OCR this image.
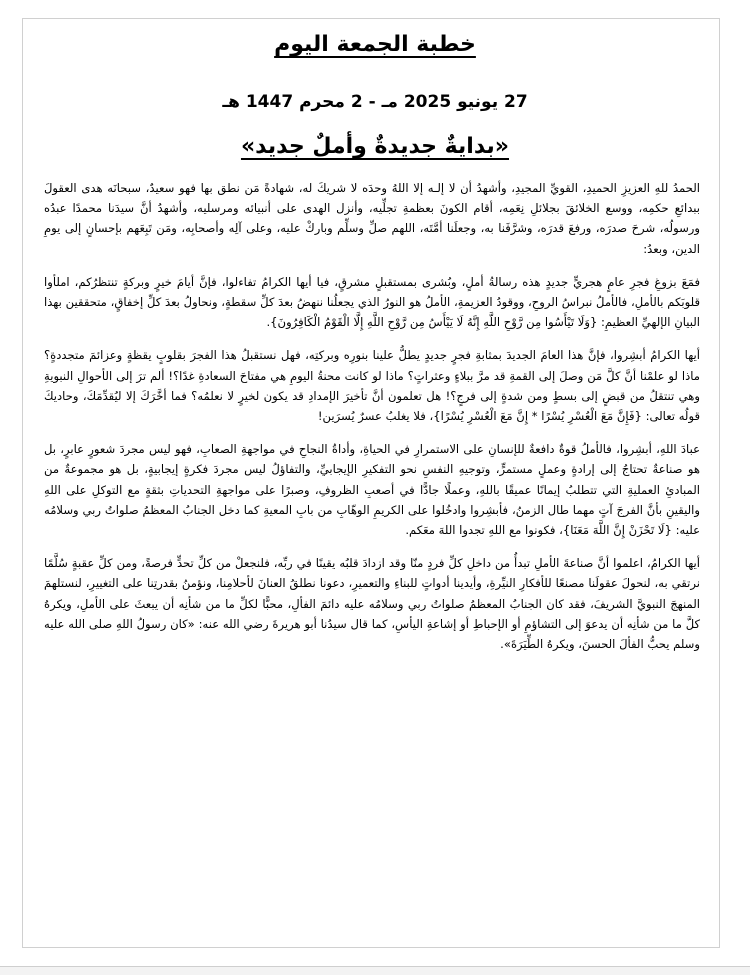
خطبة الجمعة اليوم
27 يونيو 2025 مـ - 2 محرم 1447 هـ
«بدايةٌ جديدةٌ وأملٌ جديد»

الحمدُ للهِ العزيزِ الحميدِ، القويِّ المجيدِ، وأشهدُ أن لا إلـه إلا اللهُ وحدَه لا شريكَ له، شهادةً مَن نطق بها فهو سعيدٌ، سبحانَه هدى العقولَ ببدائعِ حكمِه، ووسع الخلائقَ بجلائلِ نِعَمِه، أقام الكونَ بعظمةِ تجلِّيه، وأنزل الهدى على أنبيائه ومرسليه، وأشهدُ أنَّ سيدَنا محمدًا عبدُه ورسولُه، شرحَ صدرَه، ورفعَ قدرَه، وشرَّفَنا به، وجعلَنا أمَّتَه، اللهم صلِّ وسلِّم وباركْ عليه، وعلى آلِه وأصحابِه، ومَن تَبِعَهم بإحسانٍ إلى يومِ الدين، وبعدُ:

فمَعَ بزوغِ فجرِ عامٍ هجريٍّ جديدٍ هذه رسالةُ أملٍ، وبُشرى بمستقبلٍ مشرقٍ، فيا أيها الكرامُ تفاءلوا، فإنَّ أيامَ خيرٍ وبركةٍ تنتظرُكم، املأوا قلوبَكم بالأملِ، فالأملُ نبراسُ الروحِ، ووقودُ العزيمةِ، الأملُ هو النورُ الذي يجعلُنا ننهضُ بعدَ كلِّ سقطةٍ، ونحاولُ بعدَ كلِّ إخفاقٍ، متحققين بهذا البيانِ الإلهيِّ العظيمِ: {وَلَا تَيْأَسُوا مِن رَّوْحِ اللَّهِ إِنَّهُ لَا يَيْأَسُ مِن رَّوْحِ اللَّهِ إِلَّا الْقَوْمُ الْكَافِرُونَ}.

أيها الكرامُ أبشِروا، فإنَّ هذا العامَ الجديدَ بمثابةِ فجرٍ جديدٍ يطلُّ علينا بنورِه وبركتِه، فهل نستقبلُ هذا الفجرَ بقلوبٍ يقظةٍ وعزائمَ متجددةٍ؟ ماذا لو علمْنا أنَّ كلَّ مَن وصلَ إلى القمةِ قد مرَّ ببلاءٍ وعثراتٍ؟ ماذا لو كانت محنةُ اليومِ هي مفتاحَ السعادةِ غدًا؟! ألم ترَ إلى الأحوالِ النبويةِ وهي تنتقلُ من قبضٍ إلى بسطٍ ومن شدةٍ إلى فرجٍ؟! هل تعلمون أنَّ تأخيرَ الإمدادِ قد يكون لخيرٍ لا نعلمُه؟ فما أخَّرَكَ إلا ليُقدِّمَكَ، وحاديكَ قولُه تعالى: {فَإِنَّ مَعَ الْعُسْرِ يُسْرًا * إِنَّ مَعَ الْعُسْرِ يُسْرًا}، فلا يغلبُ عسرٌ يُسرَين!

عبادَ اللهِ، أبشِروا، فالأملُ قوةٌ دافعةٌ للإنسانِ على الاستمرارِ في الحياةِ، وأداةُ النجاحِ في مواجهةِ الصعابِ، فهو ليس مجردَ شعورٍ عابرٍ، بل هو صناعةٌ تحتاجُ إلى إرادةٍ وعملٍ مستمرٍّ، وتوجيهِ النفسِ نحو التفكيرِ الإيجابيِّ، والتفاؤلُ ليس مجردَ فكرةٍ إيجابيةٍ، بل هو مجموعةٌ من المبادئِ العمليةِ التي تتطلبُ إيمانًا عميقًا باللهِ، وعملًا جادًّا في أصعبِ الظروفِ، وصبرًا على مواجهةِ التحدياتِ بثقةٍ مع التوكلِ على اللهِ واليقينِ بأنَّ الفرجَ آتٍ مهما طال الزمنُ، فأبشِروا وادخُلوا على الكريمِ الوهّابِ من بابِ المعيةِ كما دخل الجنابُ المعظمُ صلواتُ ربي وسلامُه عليه: {لَا تَحْزَنْ إِنَّ اللَّهَ مَعَنَا}، فكونوا مع اللهِ تجدوا اللهَ معَكم.

أيها الكرامُ، اعلموا أنَّ صناعةَ الأملِ تبدأُ من داخلِ كلِّ فردٍ منّا وقد ازدادَ قلبُه يقينًا في ربِّه، فلنجعلْ من كلِّ تحدٍّ فرصةً، ومن كلِّ عقبةٍ سُلَّمًا نرتقي به، لنحولَ عقولَنا مصنعًا للأفكارِ النيِّرةِ، وأيدينا أدواتٍ للبناءِ والتعميرِ، دعونا نطلقُ العنانَ لأحلامِنا، ونؤمنُ بقدرتِنا على التغييرِ، لنستلهمَ المنهجَ النبويَّ الشريفَ، فقد كان الجنابُ المعظمُ صلواتُ ربي وسلامُه عليه دائمَ الفألِ، محبًّا لكلِّ ما من شأنِه أن يبعثَ على الأملِ، ويكرهُ كلَّ ما من شأنِه أن يدعوَ إلى التشاؤمِ أو الإحباطِ أو إشاعةِ اليأسِ، كما قال سيدُنا أبو هريرةَ رضي الله عنه: «كان رسولُ اللهِ صلى الله عليه وسلم يحبُّ الفألَ الحسنَ، ويكرهُ الطِّيَرَةَ».
